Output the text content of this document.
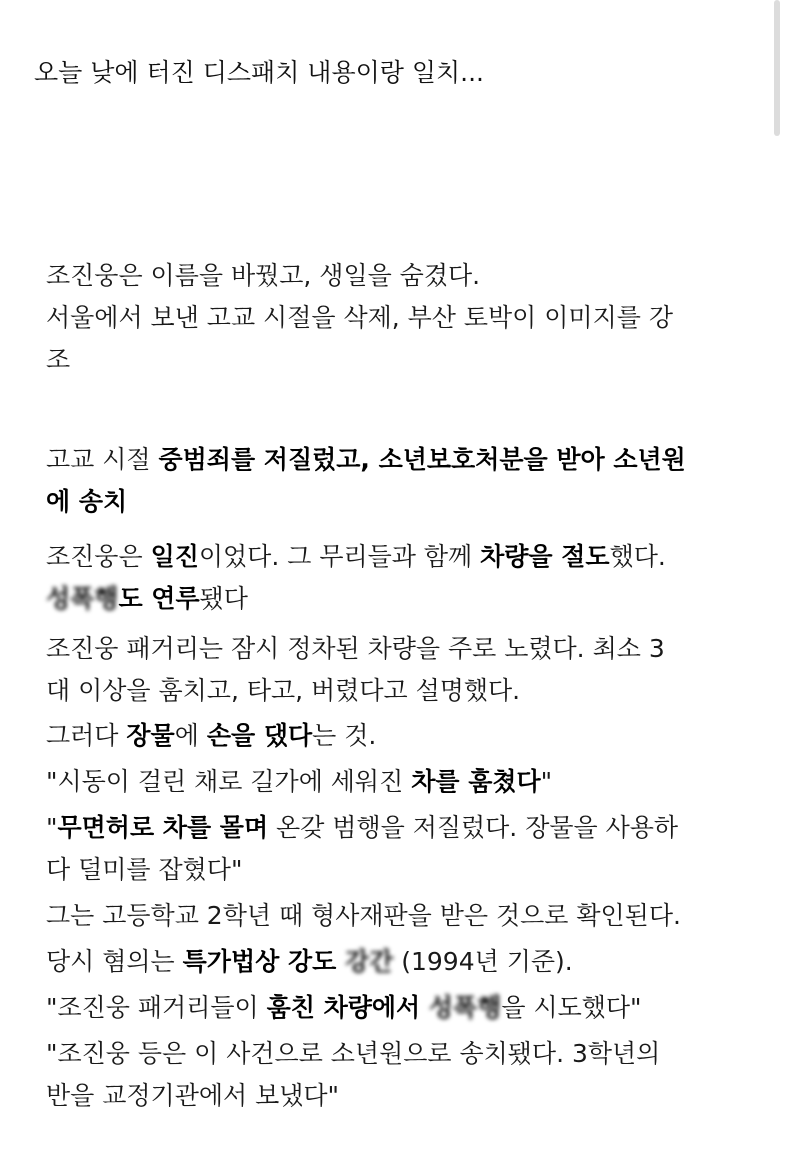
오늘 낮에 터진 디스패치 내용이랑 일치...
조진웅은 이름을 바꿨고, 생일을 숨겼다.
서울에서 보낸 고교 시절을 삭제, 부산 토박이 이미지를 강
조
고교 시절 중범죄를 저질렀고, 소년보호처분을 받아 소년원
에 송치
조진웅은 일진이었다. 그 무리들과 함께 차량을 절도했다.
성폭행도 연루됐다
조진웅 패거리는 잠시 정차된 차량을 주로 노렸다. 최소 3
대 이상을 훔치고, 타고, 버렸다고 설명했다.
그러다 장물에 손을 댔다는 것.
"시동이 걸린 채로 길가에 세워진 차를 훔쳤다"
"무면허로 차를 몰며 온갖 범행을 저질렀다. 장물을 사용하
다 덜미를 잡혔다"
그는 고등학교 2학년 때 형사재판을 받은 것으로 확인된다.
당시 혐의는 특가법상 강도 강간 (1994년 기준).
"조진웅 패거리들이 훔친 차량에서 성폭행을 시도했다"
"조진웅 등은 이 사건으로 소년원으로 송치됐다. 3학년의
반을 교정기관에서 보냈다"
